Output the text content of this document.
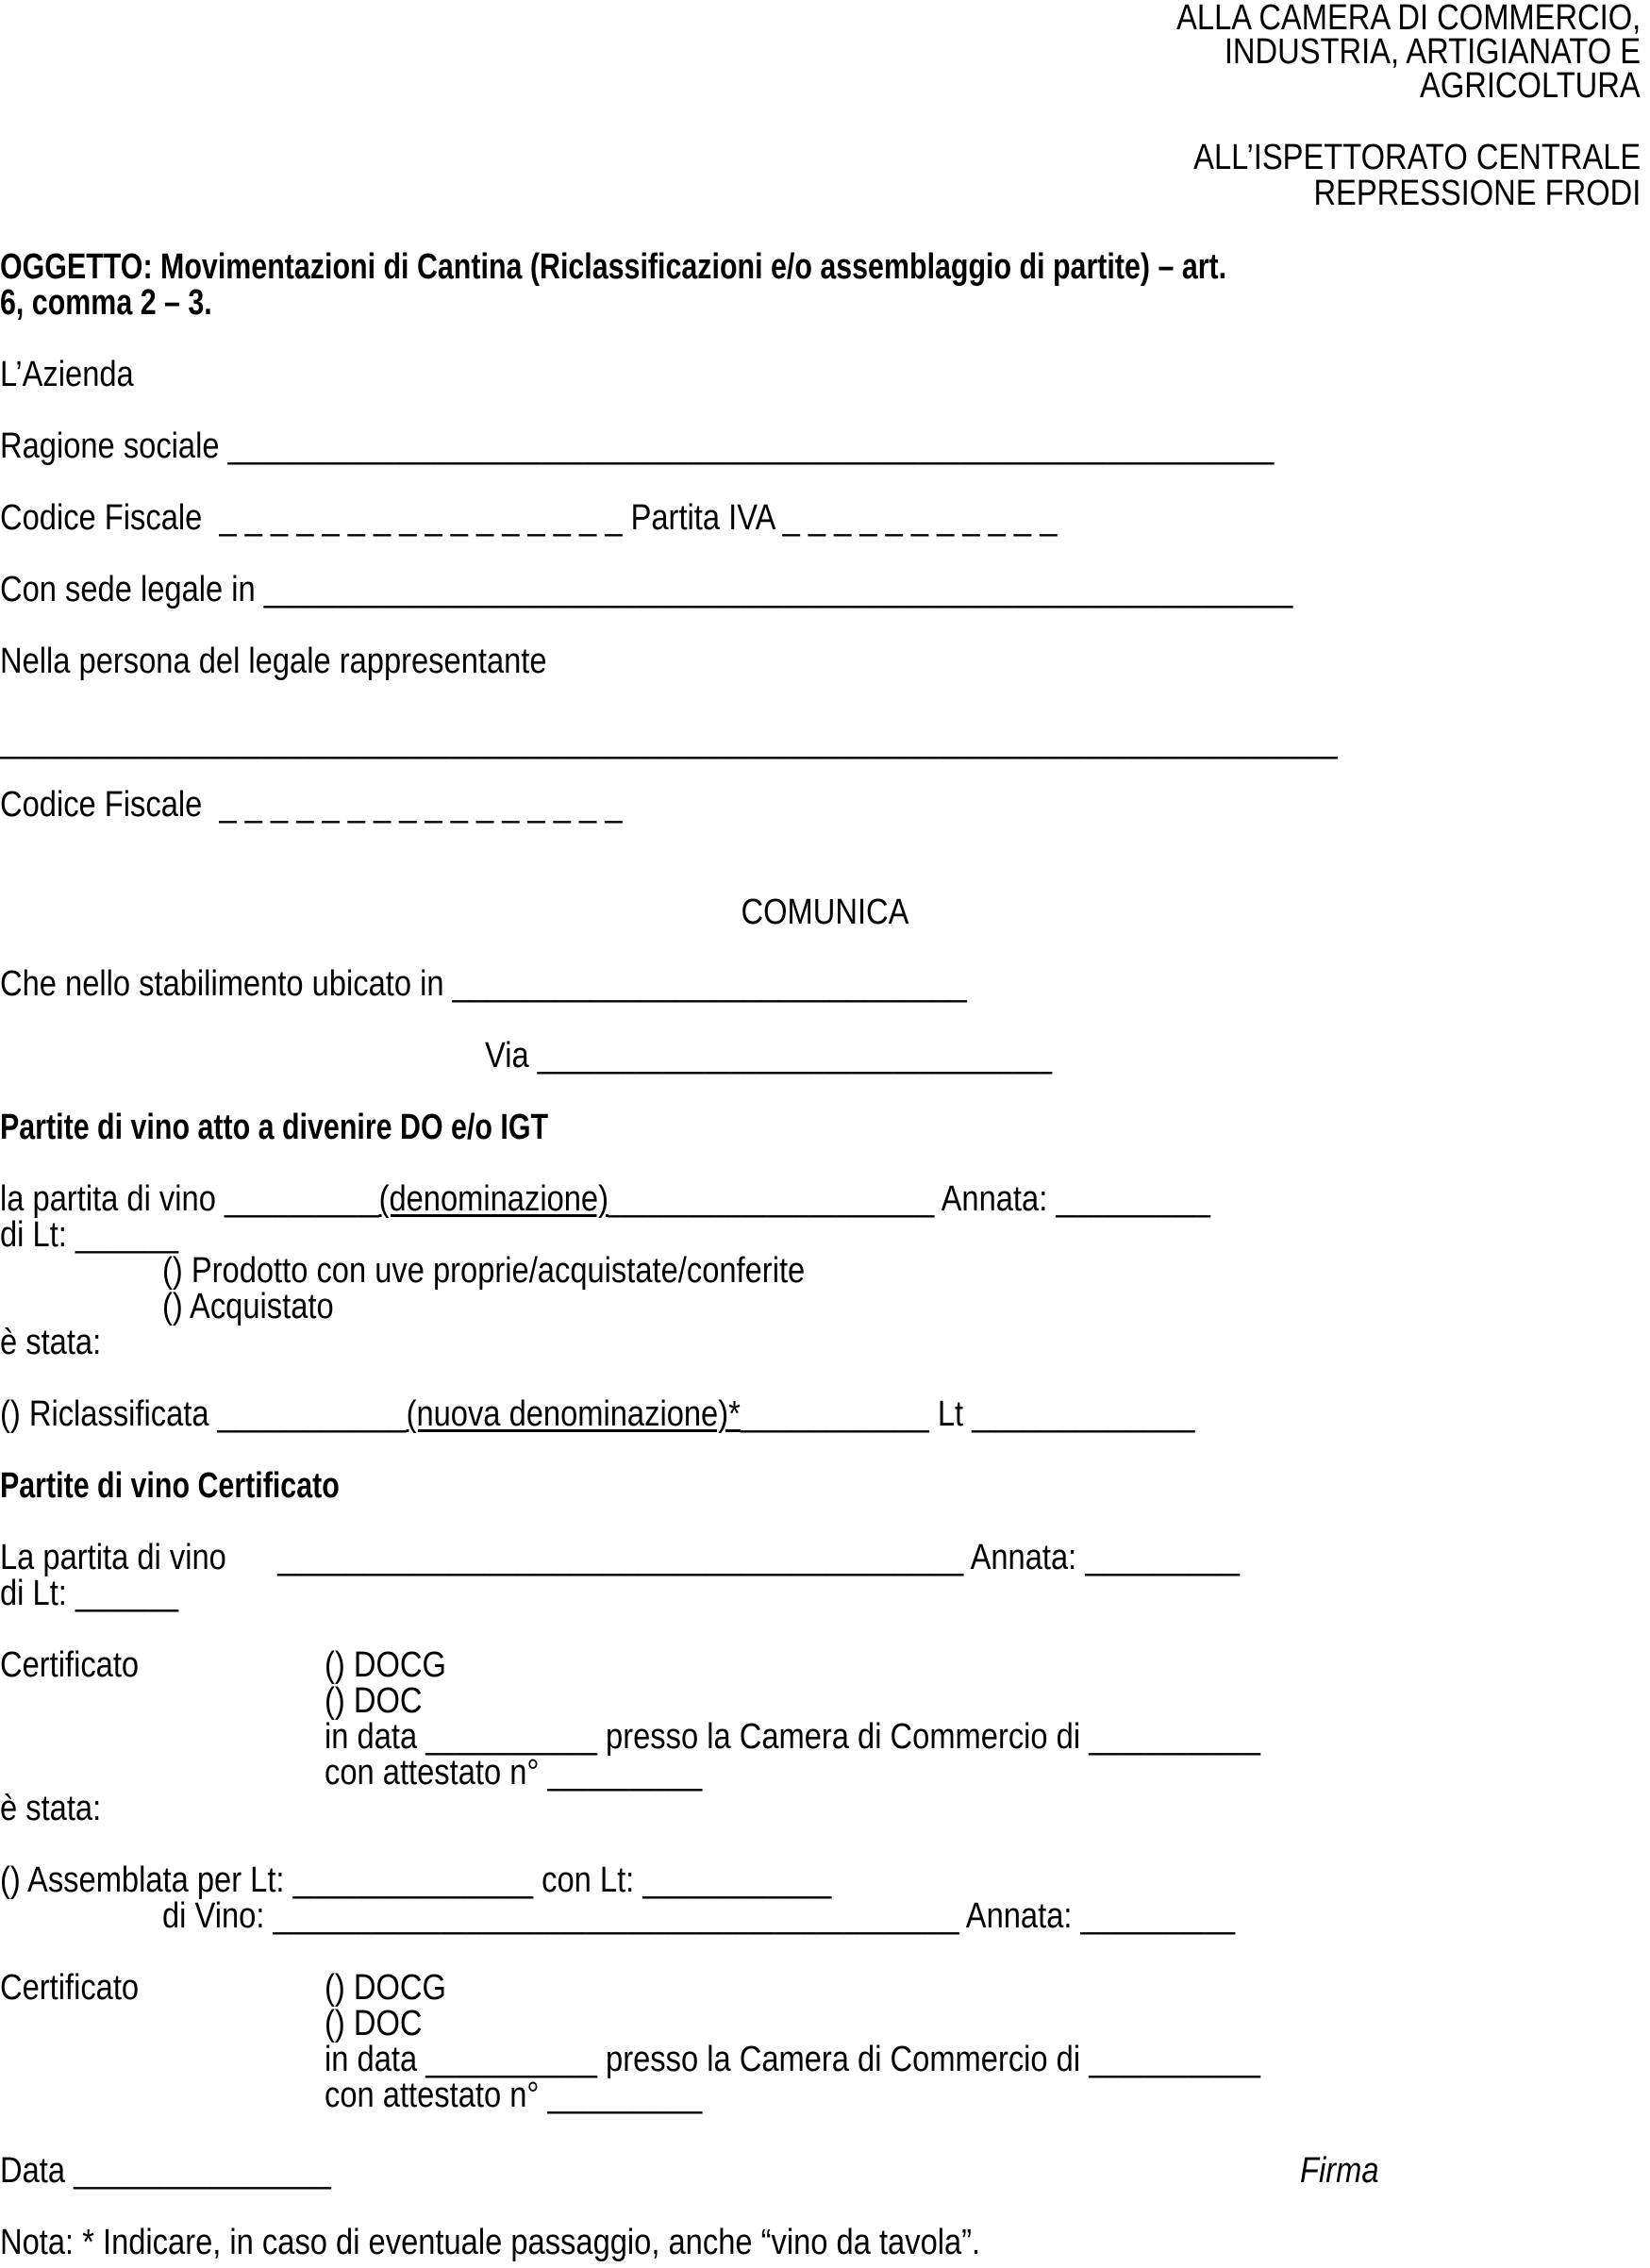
ALLA CAMERA DI COMMERCIO,
INDUSTRIA, ARTIGIANATO E
AGRICOLTURA
ALL’ISPETTORATO CENTRALE
REPRESSIONE FRODI
OGGETTO: Movimentazioni di Cantina (Riclassificazioni e/o assemblaggio di partite) – art.
6, comma 2 – 3.
L’Azienda
Ragione sociale _____________________________________________________________
Codice Fiscale _ _ _ _ _ _ _ _ _ _ _ _ _ _ _ _ Partita IVA _ _ _ _ _ _ _ _ _ _ _
Con sede legale in ____________________________________________________________
Nella persona del legale rappresentante
______________________________________________________________________________
Codice Fiscale _ _ _ _ _ _ _ _ _ _ _ _ _ _ _ _
COMUNICA
Che nello stabilimento ubicato in ______________________________
Via ______________________________
Partite di vino atto a divenire DO e/o IGT
la partita di vino _________(denominazione)___________________ Annata: _________
di Lt: ______
() Prodotto con uve proprie/acquistate/conferite
() Acquistato
è stata:
() Riclassificata ___________(nuova denominazione)*___________ Lt _____________
Partite di vino Certificato
La partita di vino ________________________________________ Annata: _________
di Lt: ______
Certificato	() DOCG
() DOC
in data __________ presso la Camera di Commercio di __________
con attestato n° _________
è stata:
() Assemblata per Lt: ______________ con Lt: ___________
di Vino: ________________________________________ Annata: _________
Certificato	() DOCG
() DOC
in data __________ presso la Camera di Commercio di __________
con attestato n° _________
Data _______________	Firma
Nota: * Indicare, in caso di eventuale passaggio, anche “vino da tavola”.
